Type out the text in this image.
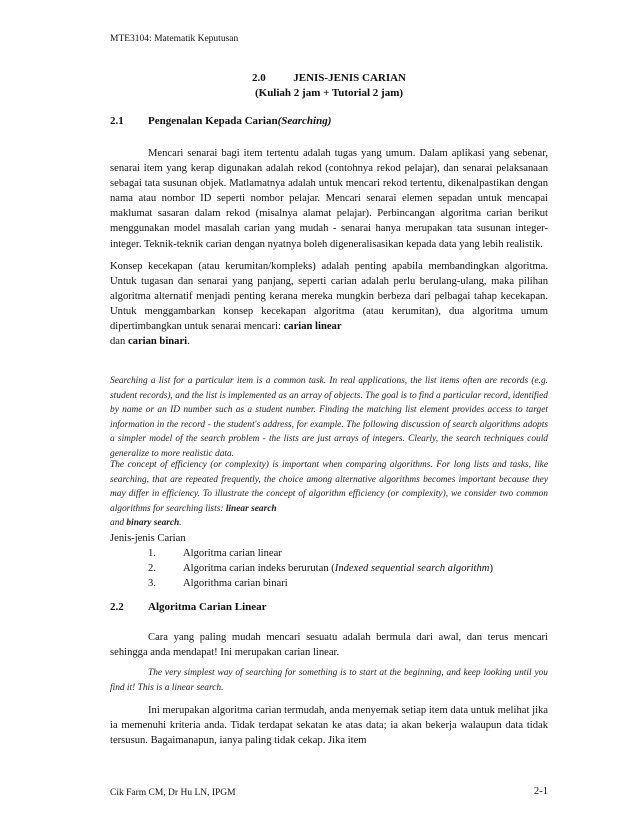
MTE3104: Matematik Keputusan
2.0	JENIS-JENIS CARIAN
(Kuliah 2 jam + Tutorial 2 jam)
2.1 Pengenalan Kepada Carian(Searching)

Mencari senarai bagi item tertentu adalah tugas yang umum. Dalam aplikasi yang sebenar, senarai item yang kerap digunakan adalah rekod (contohnya rekod pelajar), dan senarai pelaksanaan sebagai tata susunan objek. Matlamatnya adalah untuk mencari rekod tertentu, dikenalpastikan dengan nama atau nombor ID seperti nombor pelajar. Mencari senarai elemen sepadan untuk mencapai maklumat sasaran dalam rekod (misalnya alamat pelajar). Perbincangan algoritma carian berikut menggunakan model masalah carian yang mudah - senarai hanya merupakan tata susunan integer-integer. Teknik-teknik carian dengan nyatnya boleh digeneralisasikan kepada data yang lebih realistik.

Konsep kecekapan (atau kerumitan/kompleks) adalah penting apabila membandingkan algoritma. Untuk tugasan dan senarai yang panjang, seperti carian adalah perlu berulang-ulang, maka pilihan algoritma alternatif menjadi penting kerana mereka mungkin berbeza dari pelbagai tahap kecekapan. Untuk menggambarkan konsep kecekapan algoritma (atau kerumitan), dua algoritma umum dipertimbangkan untuk senarai mencari: carian linear
dan carian binari.

Searching a list for a particular item is a common task. In real applications, the list items often are records (e.g. student records), and the list is implemented as an array of objects. The goal is to find a particular record, identified by name or an ID number such as a student number. Finding the matching list element provides access to target information in the record - the student's address, for example. The following discussion of search algorithms adopts a simpler model of the search problem - the lists are just arrays of integers. Clearly, the search techniques could generalize to more realistic data.

The concept of efficiency (or complexity) is important when comparing algorithms. For long lists and tasks, like searching, that are repeated frequently, the choice among alternative algorithms becomes important because they may differ in efficiency. To illustrate the concept of algorithm efficiency (or complexity), we consider two common algorithms for searching lists: linear search
and binary search.

Jenis-jenis Carian
1.	Algoritma carian linear
2.	Algoritma carian indeks berurutan (Indexed sequential search algorithm)
3.	Algorithma carian binari
2.2 Algoritma Carian Linear

Cara yang paling mudah mencari sesuatu adalah bermula dari awal, dan terus mencari sehingga anda mendapat! Ini merupakan carian linear.

The very simplest way of searching for something is to start at the beginning, and keep looking until you find it! This is a linear search.

Ini merupakan algoritma carian termudah, anda menyemak setiap item data untuk melihat jika ia memenuhi kriteria anda. Tidak terdapat sekatan ke atas data; ia akan bekerja walaupun data tidak tersusun. Bagaimanapun, ianya paling tidak cekap. Jika item

Cik Farm CM, Dr Hu LN, IPGM	2-1
